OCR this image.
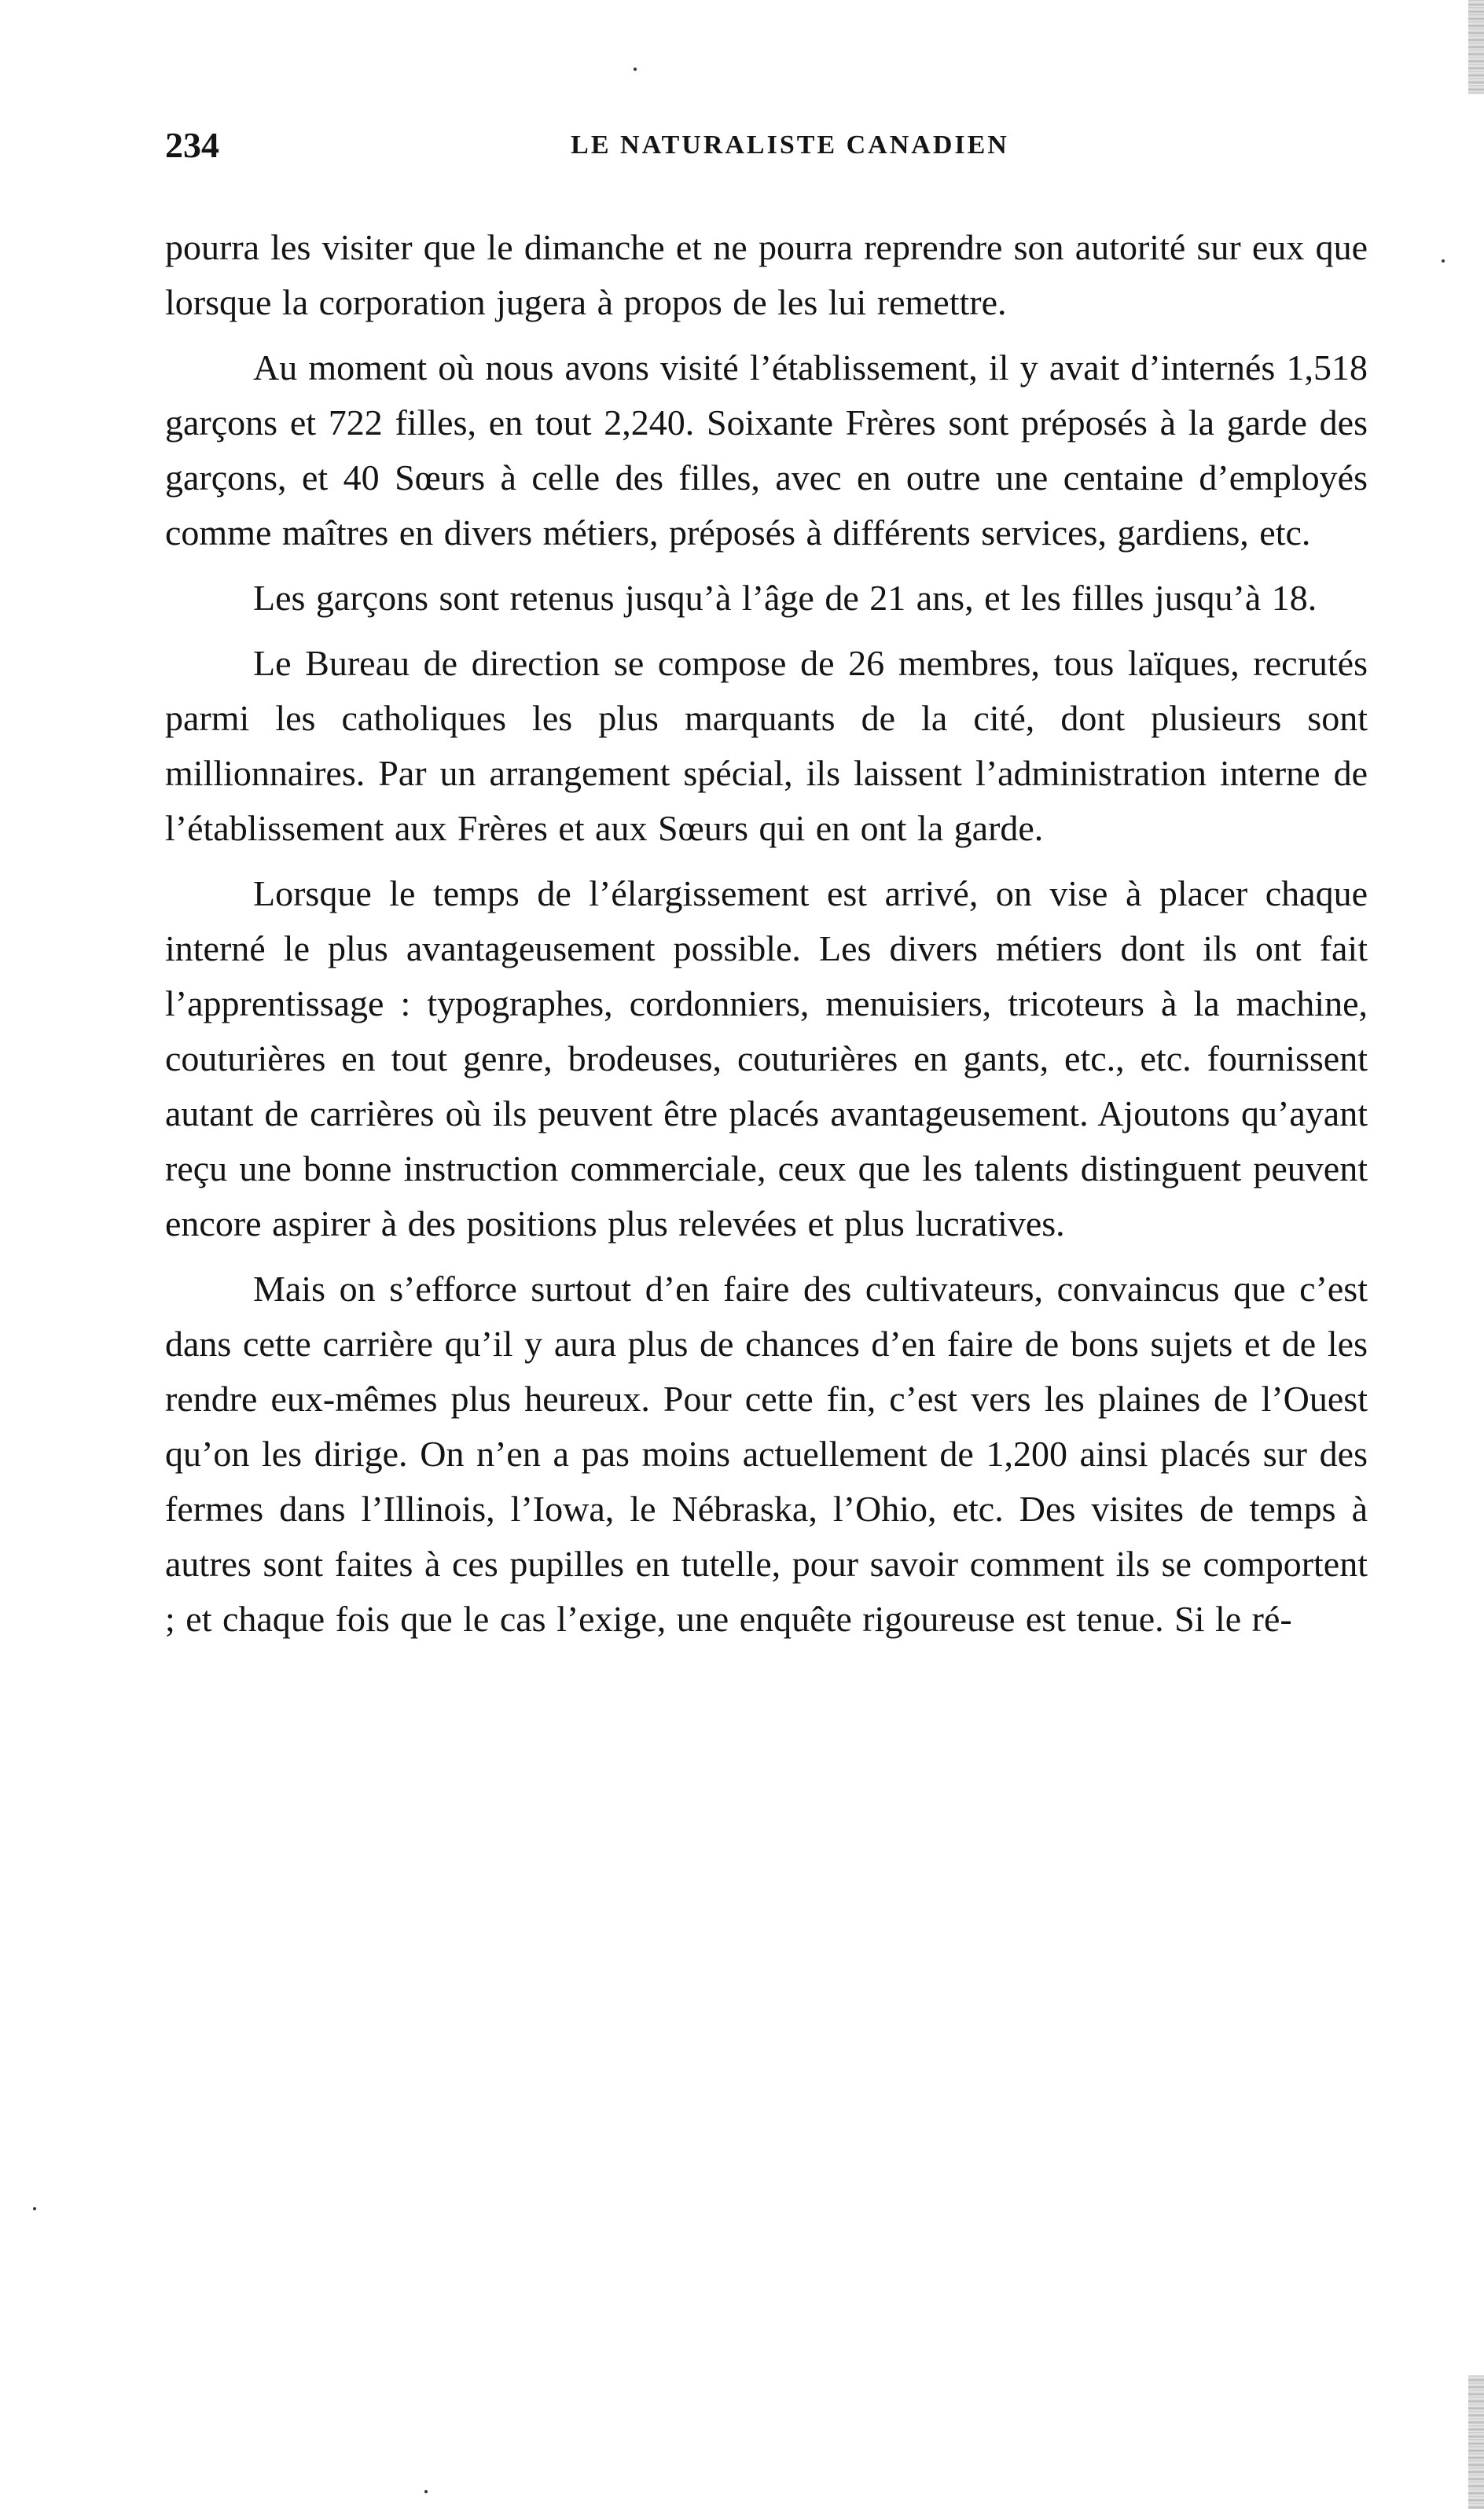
234	LE NATURALISTE CANADIEN

pourra les visiter que le dimanche et ne pourra reprendre son autorité sur eux que lorsque la corporation jugera à propos de les lui remettre.

Au moment où nous avons visité l’établissement, il y avait d’internés 1,518 garçons et 722 filles, en tout 2,240. Soixante Frères sont préposés à la garde des garçons, et 40 Sœurs à celle des filles, avec en outre une centaine d’employés comme maîtres en divers métiers, préposés à différents services, gardiens, etc.

Les garçons sont retenus jusqu’à l’âge de 21 ans, et les filles jusqu’à 18.

Le Bureau de direction se compose de 26 membres, tous laïques, recrutés parmi les catholiques les plus marquants de la cité, dont plusieurs sont millionnaires. Par un arrangement spécial, ils laissent l’administration interne de l’établissement aux Frères et aux Sœurs qui en ont la garde.

Lorsque le temps de l’élargissement est arrivé, on vise à placer chaque interné le plus avantageusement possible. Les divers métiers dont ils ont fait l’apprentissage : typographes, cordonniers, menuisiers, tricoteurs à la machine, couturières en tout genre, brodeuses, couturières en gants, etc., etc. fournissent autant de carrières où ils peuvent être placés avantageusement. Ajoutons qu’ayant reçu une bonne instruction commerciale, ceux que les talents distinguent peuvent encore aspirer à des positions plus relevées et plus lucratives.

Mais on s’efforce surtout d’en faire des cultivateurs, convaincus que c’est dans cette carrière qu’il y aura plus de chances d’en faire de bons sujets et de les rendre eux-mêmes plus heureux. Pour cette fin, c’est vers les plaines de l’Ouest qu’on les dirige. On n’en a pas moins actuellement de 1,200 ainsi placés sur des fermes dans l’Illinois, l’Iowa, le Nébraska, l’Ohio, etc. Des visites de temps à autres sont faites à ces pupilles en tutelle, pour savoir comment ils se comportent ; et chaque fois que le cas l’exige, une enquête rigoureuse est tenue. Si le ré-
